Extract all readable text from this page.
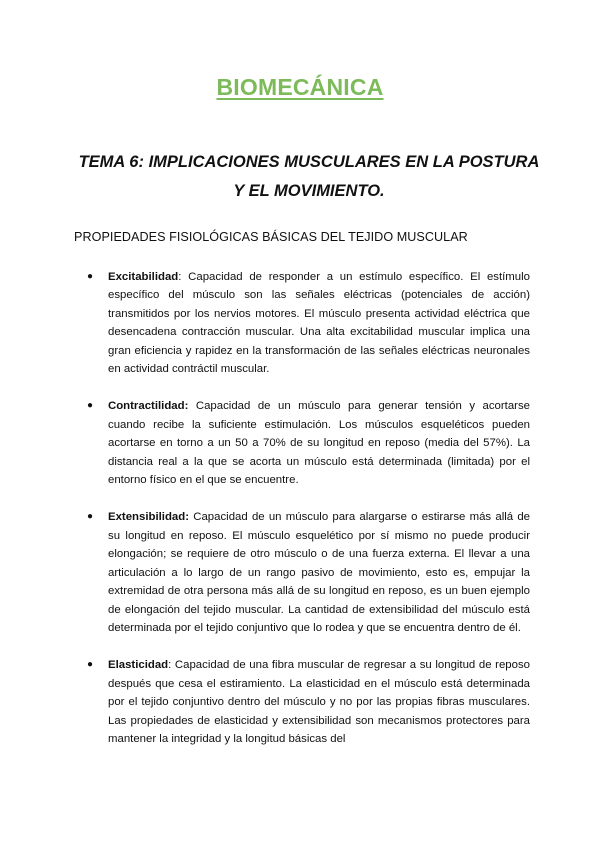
BIOMECÁNICA
TEMA 6: IMPLICACIONES MUSCULARES EN LA POSTURA Y EL MOVIMIENTO.
PROPIEDADES FISIOLÓGICAS BÁSICAS DEL TEJIDO MUSCULAR
● Excitabilidad: Capacidad de responder a un estímulo específico. El estímulo específico del músculo son las señales eléctricas (potenciales de acción) transmitidos por los nervios motores. El músculo presenta actividad eléctrica que desencadena contracción muscular. Una alta excitabilidad muscular implica una gran eficiencia y rapidez en la transformación de las señales eléctricas neuronales en actividad contráctil muscular.
● Contractilidad: Capacidad de un músculo para generar tensión y acortarse cuando recibe la suficiente estimulación. Los músculos esqueléticos pueden acortarse en torno a un 50 a 70% de su longitud en reposo (media del 57%). La distancia real a la que se acorta un músculo está determinada (limitada) por el entorno físico en el que se encuentre.
● Extensibilidad: Capacidad de un músculo para alargarse o estirarse más allá de su longitud en reposo. El músculo esquelético por sí mismo no puede producir elongación; se requiere de otro músculo o de una fuerza externa. El llevar a una articulación a lo largo de un rango pasivo de movimiento, esto es, empujar la extremidad de otra persona más allá de su longitud en reposo, es un buen ejemplo de elongación del tejido muscular. La cantidad de extensibilidad del músculo está determinada por el tejido conjuntivo que lo rodea y que se encuentra dentro de él.
● Elasticidad: Capacidad de una fibra muscular de regresar a su longitud de reposo después que cesa el estiramiento. La elasticidad en el músculo está determinada por el tejido conjuntivo dentro del músculo y no por las propias fibras musculares. Las propiedades de elasticidad y extensibilidad son mecanismos protectores para mantener la integridad y la longitud básicas del
